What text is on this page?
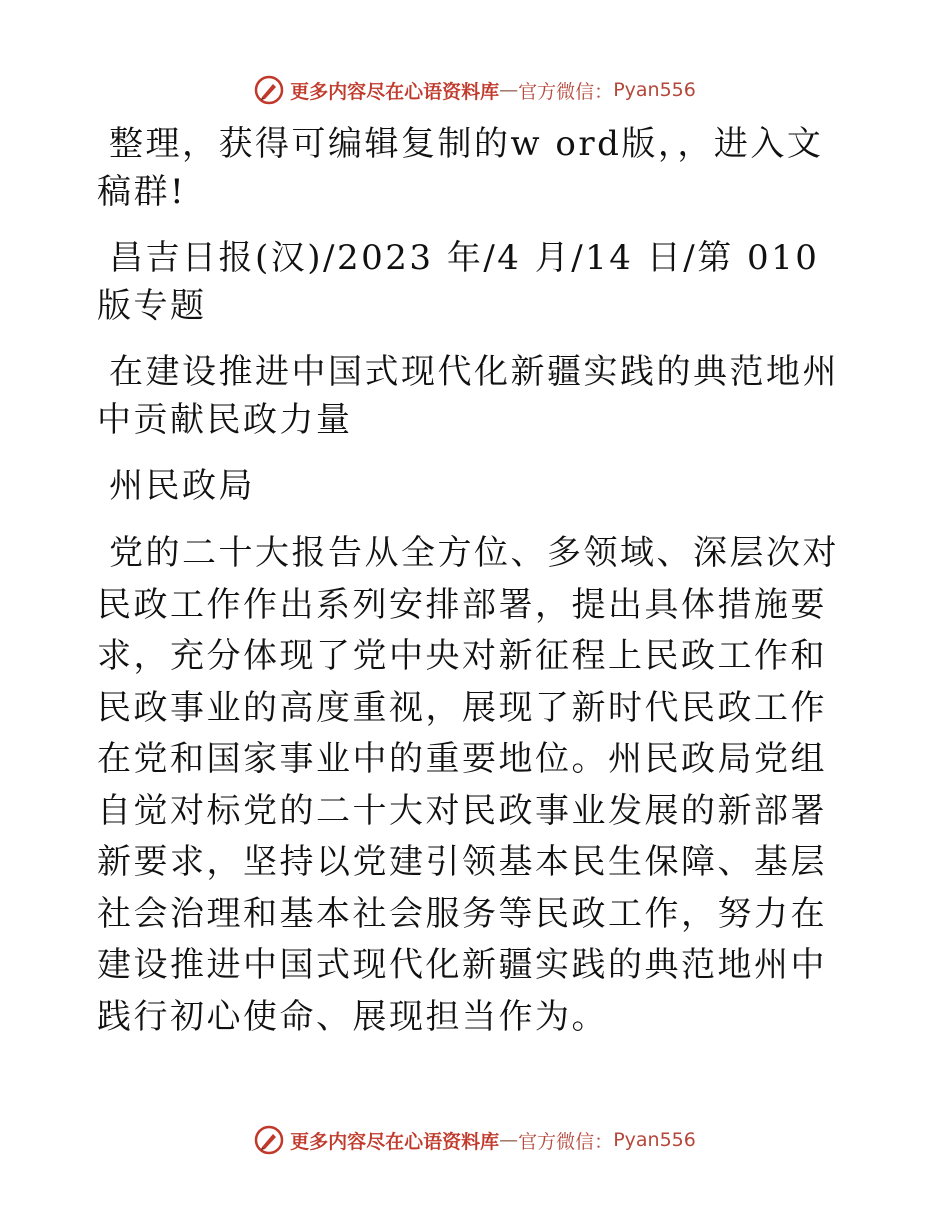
更多内容尽在心语资料库 — 官方微信： Pyan556

整理，获得可编辑复制的w ord版，，进入文稿群!

昌吉日报(汉)/2023 年/4 月/14 日/第 010 版专题

在建设推进中国式现代化新疆实践的典范地州中贡献民政力量

州民政局

党的二十大报告从全方位、多领域、深层次对民政工作作出系列安排部署，提出具体措施要求，充分体现了党中央对新征程上民政工作和民政事业的高度重视，展现了新时代民政工作在党和国家事业中的重要地位。州民政局党组自觉对标党的二十大对民政事业发展的新部署新要求，坚持以党建引领基本民生保障、基层社会治理和基本社会服务等民政工作，努力在建设推进中国式现代化新疆实践的典范地州中践行初心使命、展现担当作为。

更多内容尽在心语资料库 — 官方微信： Pyan556
